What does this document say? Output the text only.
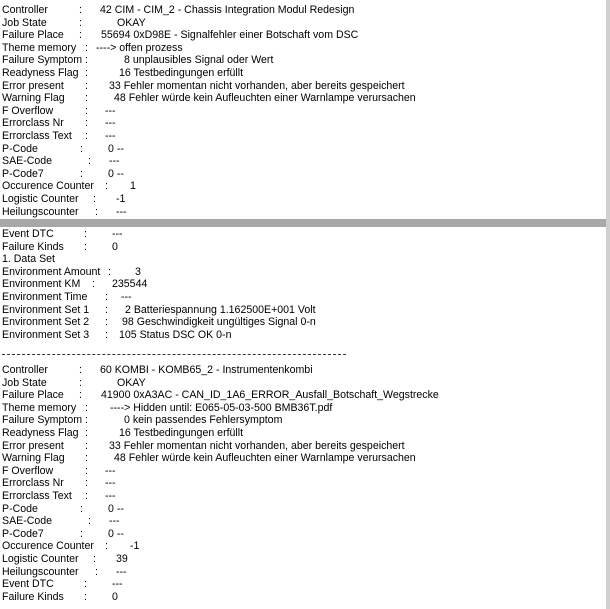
Controller	: 42 CIM - CIM_2 - Chassis Integration Modul Redesign
Job State	:	OKAY
Failure Place : 55694 0xD98E - Signalfehler einer Botschaft vom DSC
Theme memory : ----> offen prozess
Failure Symptom :	8 unplausibles Signal oder Wert
Readyness Flag :	16 Testbedingungen erfüllt
Error present : 33 Fehler momentan nicht vorhanden, aber bereits gespeichert
Warning Flag : 48 Fehler würde kein Aufleuchten einer Warnlampe verursachen
F Overflow	: ---
Errorclass Nr : ---
Errorclass Text : ---
P-Code	: 0 --
SAE-Code	: ---
P-Code7	: 0 --
Occurence Counter : 1
Logistic Counter : -1
Heilungscounter : ---
Event DTC	: ---
Failure Kinds : 0
1. Data Set
Environment Amount : 3
Environment KM : 235544
Environment Time : ---
Environment Set 1 : 2 Batteriespannung 1.162500E+001 Volt
Environment Set 2 : 98 Geschwindigkeit ungültiges Signal 0-n
Environment Set 3 : 105 Status DSC OK 0-n
Controller	: 60 KOMBI - KOMB65_2 - Instrumentenkombi
Job State	:	OKAY
Failure Place : 41900 0xA3AC - CAN_ID_1A6_ERROR_Ausfall_Botschaft_Wegstrecke
Theme memory : ----> Hidden until: E065-05-03-500 BMB36T.pdf
Failure Symptom :	0 kein passendes Fehlersymptom
Readyness Flag :	16 Testbedingungen erfüllt
Error present : 33 Fehler momentan nicht vorhanden, aber bereits gespeichert
Warning Flag : 48 Fehler würde kein Aufleuchten einer Warnlampe verursachen
F Overflow	: ---
Errorclass Nr : ---
Errorclass Text : ---
P-Code	: 0 --
SAE-Code	: ---
P-Code7	: 0 --
Occurence Counter : -1
Logistic Counter : 39
Heilungscounter : ---
Event DTC	: ---
Failure Kinds : 0
